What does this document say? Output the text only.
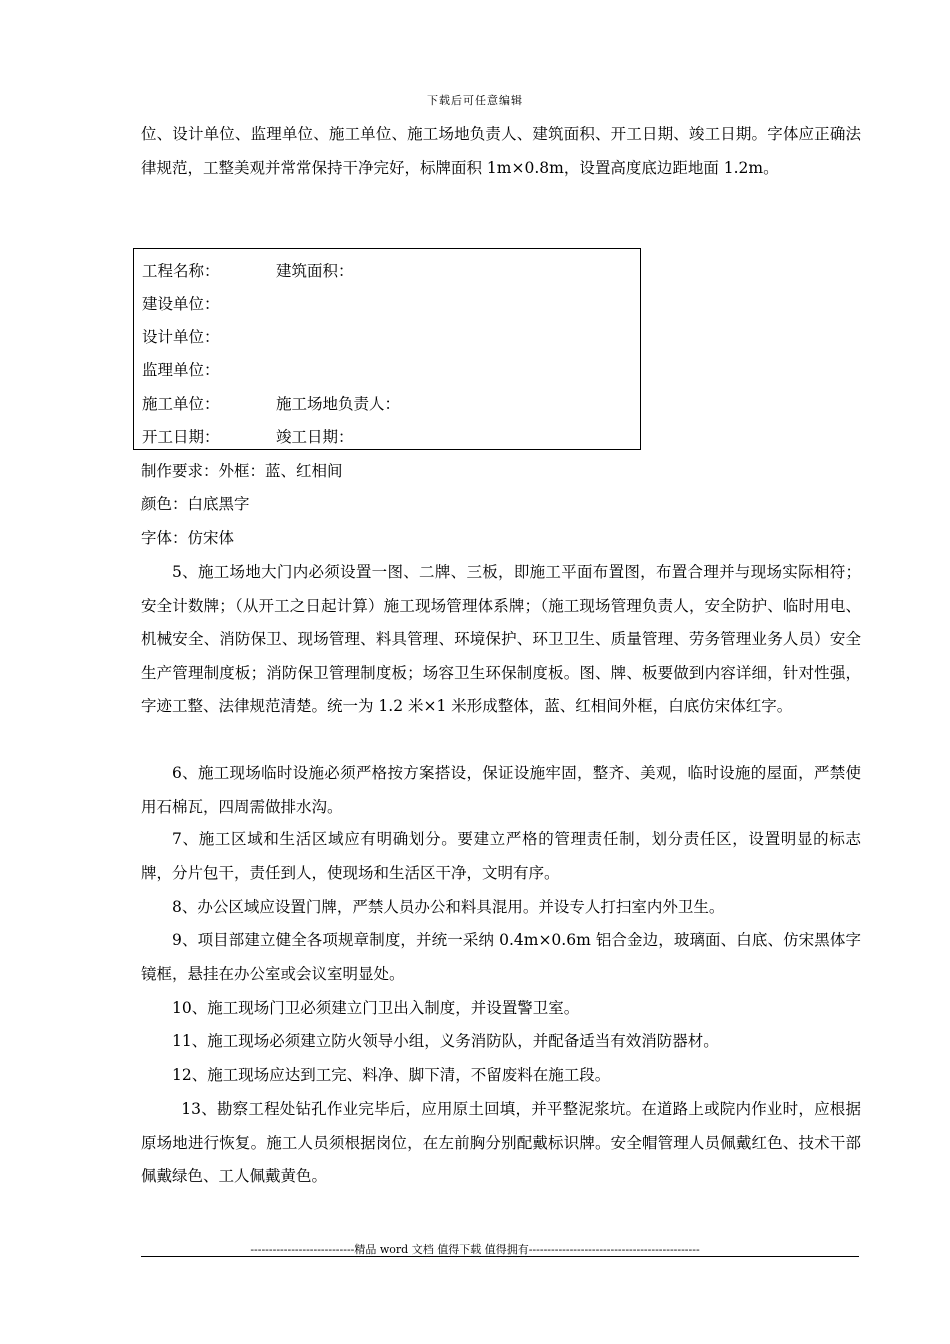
下载后可任意编辑

位、设计单位、监理单位、施工单位、施工场地负责人、建筑面积、开工日期、竣工日期。字体应正确法律规范，工整美观并常常保持干净完好，标牌面积 1m×0.8m，设置高度底边距地面 1.2m。

工程名称：	建筑面积：
建设单位：
设计单位：
监理单位：
施工单位：	施工场地负责人：
开工日期：	竣工日期：
制作要求：外框：蓝、红相间
颜色：白底黑字
字体：仿宋体

5、施工场地大门内必须设置一图、二牌、三板，即施工平面布置图，布置合理并与现场实际相符；安全计数牌；（从开工之日起计算）施工现场管理体系牌；（施工现场管理负责人，安全防护、临时用电、机械安全、消防保卫、现场管理、料具管理、环境保护、环卫卫生、质量管理、劳务管理业务人员）安全生产管理制度板；消防保卫管理制度板；场容卫生环保制度板。图、牌、板要做到内容详细，针对性强，字迹工整、法律规范清楚。统一为 1.2 米×1 米形成整体，蓝、红相间外框，白底仿宋体红字。

6、施工现场临时设施必须严格按方案搭设，保证设施牢固，整齐、美观，临时设施的屋面，严禁使用石棉瓦，四周需做排水沟。

7、施工区域和生活区域应有明确划分。要建立严格的管理责任制，划分责任区，设置明显的标志牌，分片包干，责任到人，使现场和生活区干净，文明有序。

8、办公区域应设置门牌，严禁人员办公和料具混用。并设专人打扫室内外卫生。

9、项目部建立健全各项规章制度，并统一采纳 0.4m×0.6m 铝合金边，玻璃面、白底、仿宋黑体字镜框，悬挂在办公室或会议室明显处。

10、施工现场门卫必须建立门卫出入制度，并设置警卫室。

11、施工现场必须建立防火领导小组，义务消防队，并配备适当有效消防器材。

12、施工现场应达到工完、料净、脚下清，不留废料在施工段。

13、勘察工程处钻孔作业完毕后，应用原土回填，并平整泥浆坑。在道路上或院内作业时，应根据原场地进行恢复。施工人员须根据岗位，在左前胸分别配戴标识牌。安全帽管理人员佩戴红色、技术干部佩戴绿色、工人佩戴黄色。

----------------------------精品 word 文档 值得下载 值得拥有----------------------------------------------
